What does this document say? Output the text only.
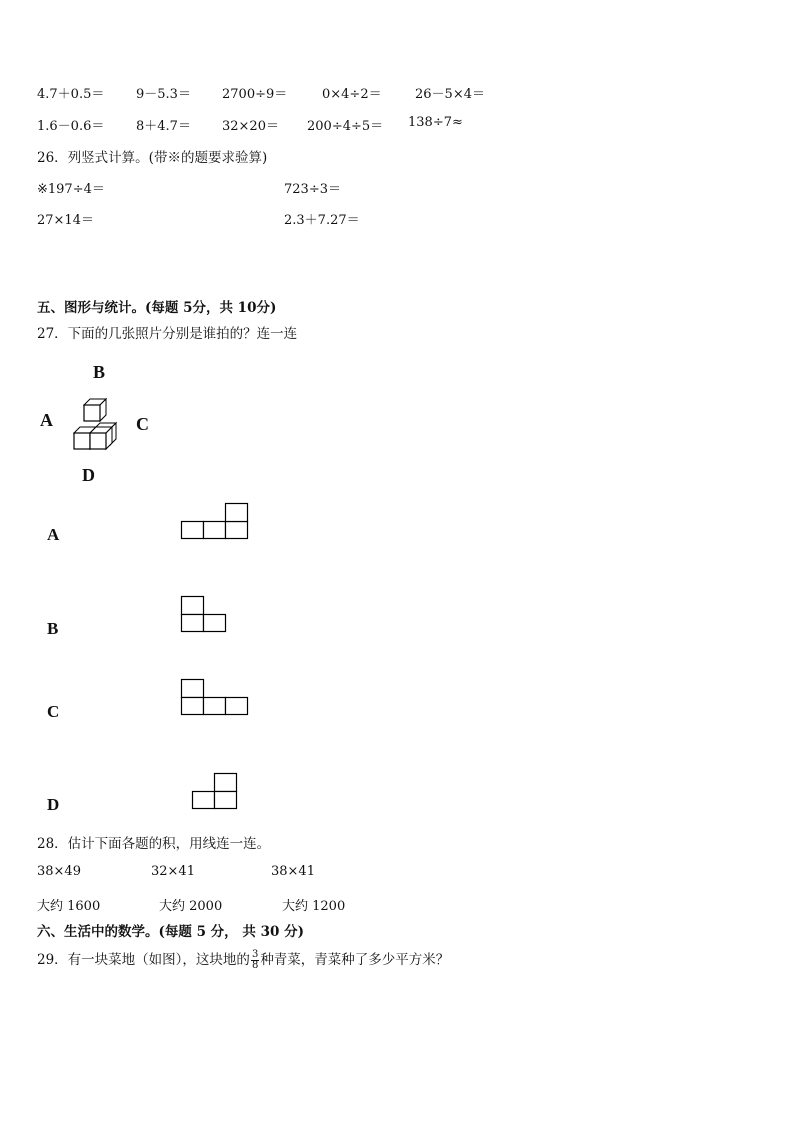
4.7＋0.5＝ 9－5.3＝ 2700÷9＝	0×4÷2＝	26－5×4＝
1.6－0.6＝ 8＋4.7＝ 32×20＝ 200÷4÷5＝ 138÷7≈
26．列竖式计算。(带※的题要求验算)
※197÷4＝	723÷3＝
27×14＝	2.3＋7.27＝
五、图形与统计。(每题 5分，共 10分)
27．下面的几张照片分别是谁拍的？连一连
B
A	C
D
A
B
C
D
28．估计下面各题的积，用线连一连。
38×49	32×41	38×41
大约 1600	大约 2000	大约 1200
六、生活中的数学。(每题 5 分， 共 30 分)
29．有一块菜地（如图），这块地的 $\frac{3}{8}$ 种青菜，青菜种了多少平方米？
